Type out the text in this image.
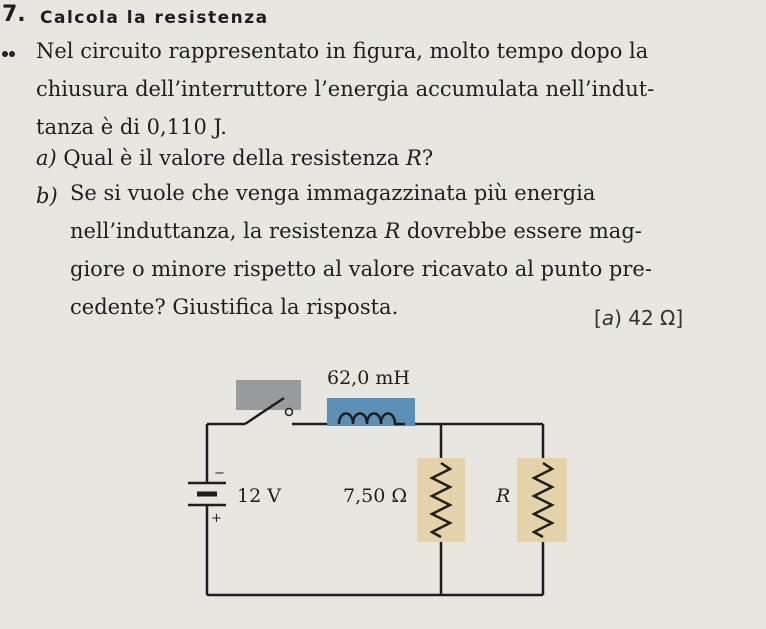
7. Calcola la resistenza

Nel circuito rappresentato in figura, molto tempo dopo la
chiusura dell’interruttore l’energia accumulata nell’indut-
tanza è di 0,110 J.

a) Qual è il valore della resistenza R?
b) Se si vuole che venga immagazzinata più energia
nell’induttanza, la resistenza R dovrebbe essere mag-
giore o minore rispetto al valore ricavato al punto pre-
cedente? Giustifica la risposta.	[a) 42 Ω]
62,0 mH
−
+
12 V	7,50 Ω	R
